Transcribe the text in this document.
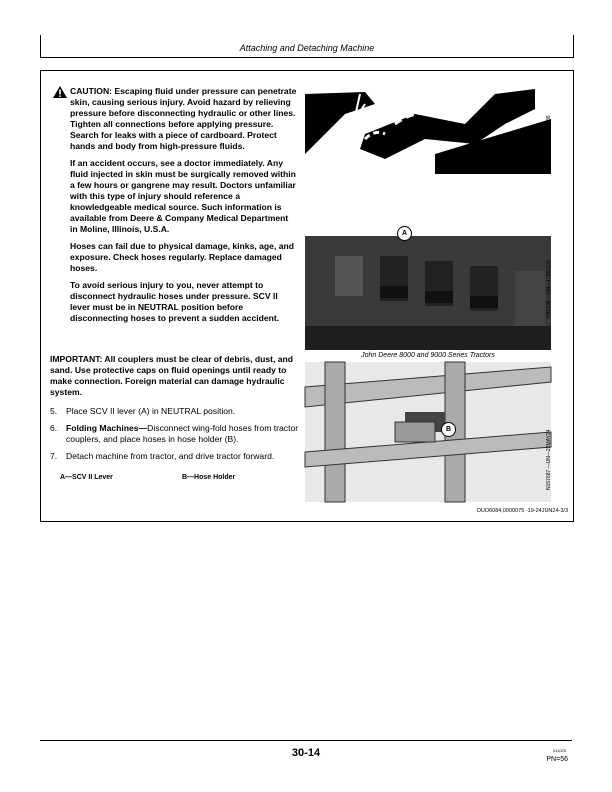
Attaching and Detaching Machine

CAUTION: Escaping fluid under pressure can penetrate skin, causing serious injury. Avoid hazard by relieving pressure before disconnecting hydraulic or other lines. Tighten all connections before applying pressure. Search for leaks with a piece of cardboard. Protect hands and body from high-pressure fluids.

If an accident occurs, see a doctor immediately. Any fluid injected in skin must be surgically removed within a few hours or gangrene may result. Doctors unfamiliar with this type of injury should reference a knowledgeable medical source. Such information is available from Deere & Company Medical Department in Moline, Illinois, U.S.A.

Hoses can fail due to physical damage, kinks, age, and exposure. Check hoses regularly. Replace damaged hoses.

To avoid serious injury to you, never attempt to disconnect hydraulic hoses under pressure. SCV II lever must be in NEUTRAL position before disconnecting hoses to prevent a sudden accident.

IMPORTANT: All couplers must be clear of debris, dust, and sand. Use protective caps on fluid openings until ready to make connection. Foreign material can damage hydraulic system.
5.	Place SCV II lever (A) in NEUTRAL position.
6.	Folding Machines—Disconnect wing-fold hoses from tractor couplers, and place hoses in hose holder (B).
7.	Detach machine from tractor, and drive tractor forward.
A—SCV II Lever	B—Hose Holder
X9811 —UN—23AUG88
A
H49108 —UN—17DEC01
John Deere 8000 and 9000 Series Tractors
B	N157687 —UN—22MAY24
OUO6084,0000075 -19-24JUN24-3/3
30-14	011025
PN=56
